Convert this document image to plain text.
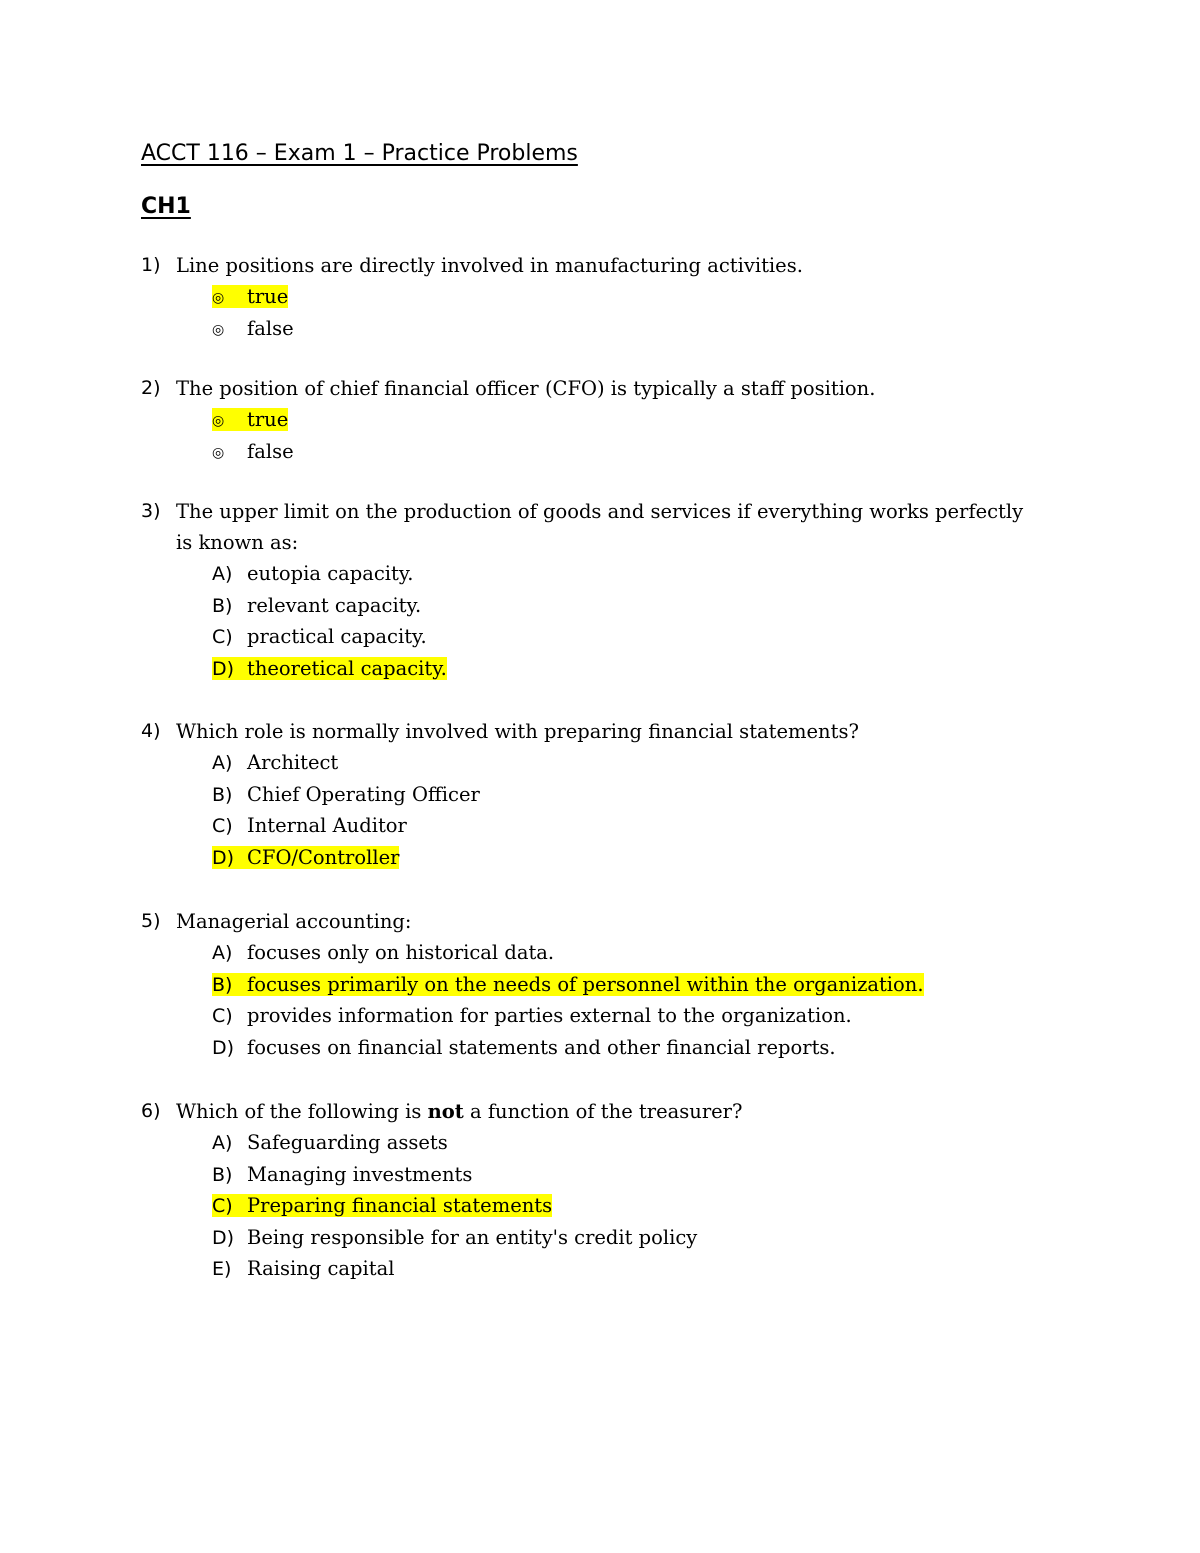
ACCT 116 – Exam 1 – Practice Problems
CH1
1) Line positions are directly involved in manufacturing activities.
◎ true
◎ false
2) The position of chief financial officer (CFO) is typically a staff position.
◎ true
◎ false
3) The upper limit on the production of goods and services if everything works perfectly is known as:
A) eutopia capacity.
B) relevant capacity.
C) practical capacity.
D) theoretical capacity.
4) Which role is normally involved with preparing financial statements?
A) Architect
B) Chief Operating Officer
C) Internal Auditor
D) CFO/Controller
5) Managerial accounting:
A) focuses only on historical data.
B) focuses primarily on the needs of personnel within the organization.
C) provides information for parties external to the organization.
D) focuses on financial statements and other financial reports.
6) Which of the following is not a function of the treasurer?
A) Safeguarding assets
B) Managing investments
C) Preparing financial statements
D) Being responsible for an entity's credit policy
E) Raising capital
